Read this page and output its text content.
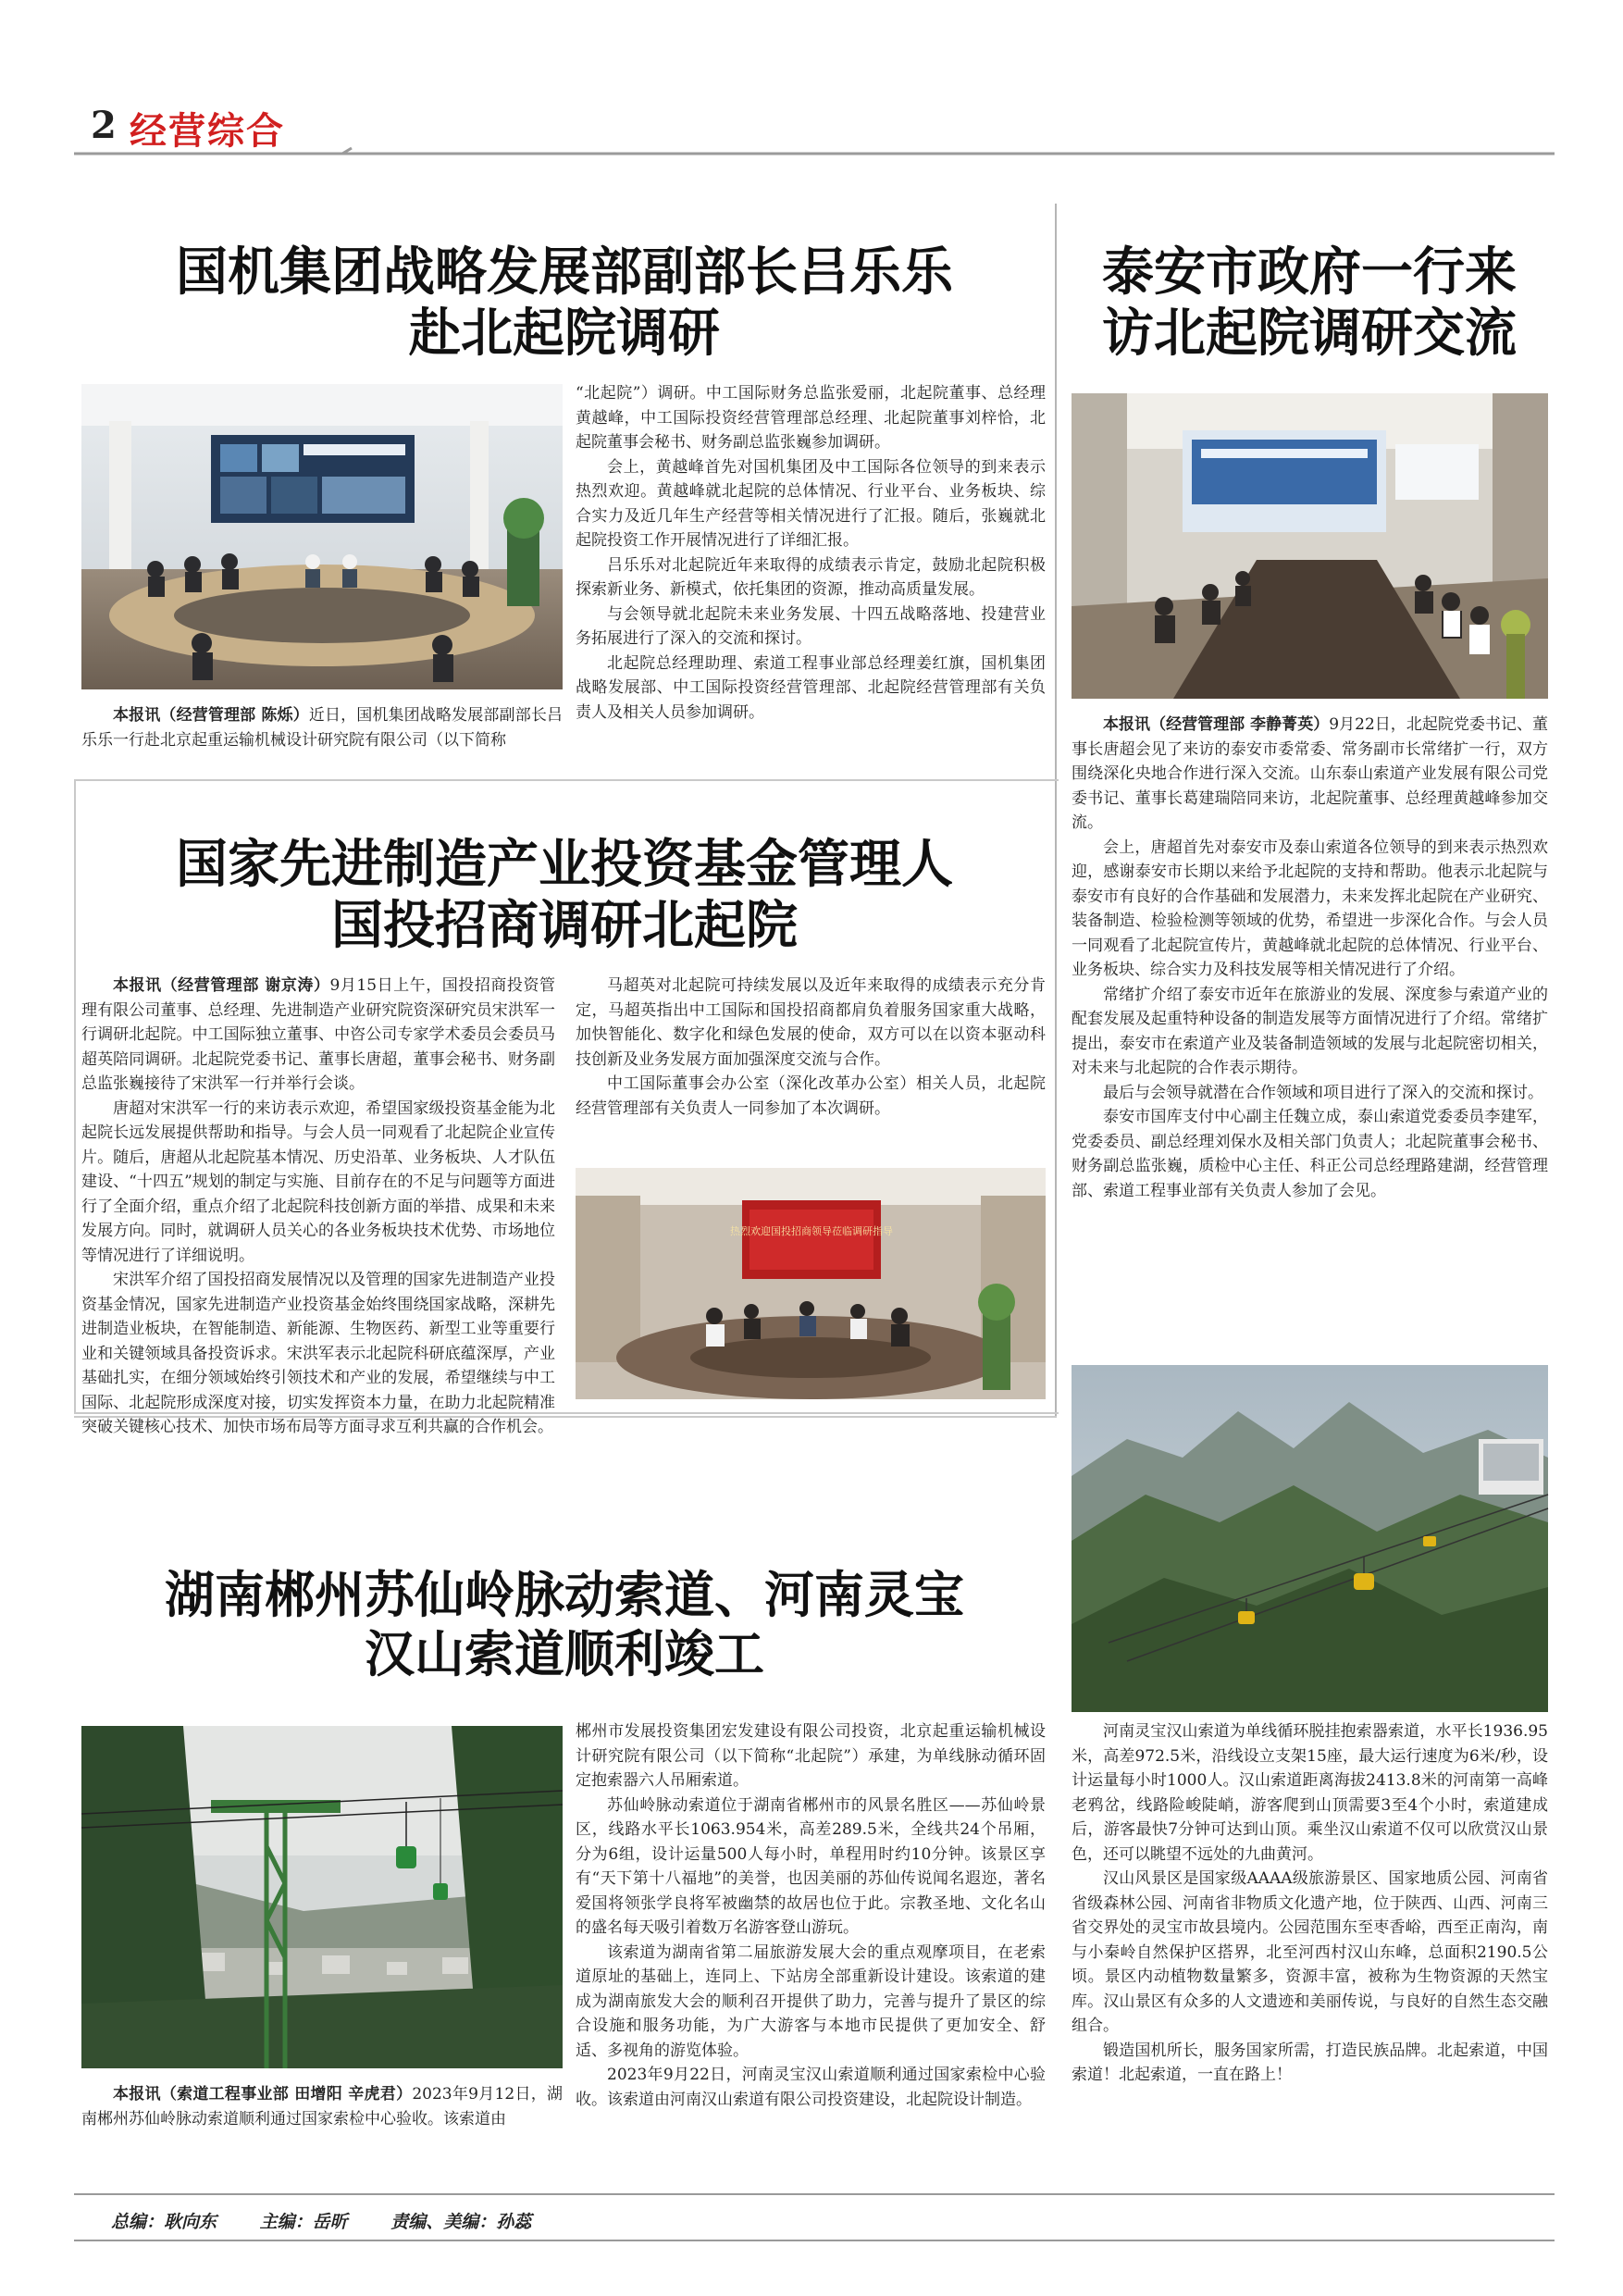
2 经营综合
国机集团战略发展部副部长吕乐乐
赴北起院调研

“北起院”）调研。中工国际财务总监张爱丽，北起院董事、总经理黄越峰，中工国际投资经营管理部总经理、北起院董事刘梓恰，北起院董事会秘书、财务副总监张巍参加调研。

会上，黄越峰首先对国机集团及中工国际各位领导的到来表示热烈欢迎。黄越峰就北起院的总体情况、行业平台、业务板块、综合实力及近几年生产经营等相关情况进行了汇报。随后，张巍就北起院投资工作开展情况进行了详细汇报。

吕乐乐对北起院近年来取得的成绩表示肯定，鼓励北起院积极探索新业务、新模式，依托集团的资源，推动高质量发展。

与会领导就北起院未来业务发展、十四五战略落地、投建营业务拓展进行了深入的交流和探讨。

北起院总经理助理、索道工程事业部总经理姜红旗，国机集团战略发展部、中工国际投资经营管理部、北起院经营管理部有关负责人及相关人员参加调研。

本报讯（经营管理部 陈烁）近日，国机集团战略发展部副部长吕乐乐一行赴北京起重运输机械设计研究院有限公司（以下简称

泰安市政府一行来
访北起院调研交流

本报讯（经营管理部 李静菁英）9月22日，北起院党委书记、董事长唐超会见了来访的泰安市委常委、常务副市长常绪扩一行，双方围绕深化央地合作进行深入交流。山东泰山索道产业发展有限公司党委书记、董事长葛建瑞陪同来访，北起院董事、总经理黄越峰参加交流。

会上，唐超首先对泰安市及泰山索道各位领导的到来表示热烈欢迎，感谢泰安市长期以来给予北起院的支持和帮助。他表示北起院与泰安市有良好的合作基础和发展潜力，未来发挥北起院在产业研究、装备制造、检验检测等领域的优势，希望进一步深化合作。与会人员一同观看了北起院宣传片，黄越峰就北起院的总体情况、行业平台、业务板块、综合实力及科技发展等相关情况进行了介绍。

常绪扩介绍了泰安市近年在旅游业的发展、深度参与索道产业的配套发展及起重特种设备的制造发展等方面情况进行了介绍。常绪扩提出，泰安市在索道产业及装备制造领域的发展与北起院密切相关，对未来与北起院的合作表示期待。

最后与会领导就潜在合作领域和项目进行了深入的交流和探讨。

泰安市国库支付中心副主任魏立成，泰山索道党委委员李建军，党委委员、副总经理刘保水及相关部门负责人；北起院董事会秘书、财务副总监张巍，质检中心主任、科正公司总经理路建湖，经营管理部、索道工程事业部有关负责人参加了会见。

国家先进制造产业投资基金管理人
国投招商调研北起院

本报讯（经营管理部 谢京涛）9月15日上午，国投招商投资管理有限公司董事、总经理、先进制造产业研究院资深研究员宋洪军一行调研北起院。中工国际独立董事、中咨公司专家学术委员会委员马超英陪同调研。北起院党委书记、董事长唐超，董事会秘书、财务副总监张巍接待了宋洪军一行并举行会谈。

唐超对宋洪军一行的来访表示欢迎，希望国家级投资基金能为北起院长远发展提供帮助和指导。与会人员一同观看了北起院企业宣传片。随后，唐超从北起院基本情况、历史沿革、业务板块、人才队伍建设、“十四五”规划的制定与实施、目前存在的不足与问题等方面进行了全面介绍，重点介绍了北起院科技创新方面的举措、成果和未来发展方向。同时，就调研人员关心的各业务板块技术优势、市场地位等情况进行了详细说明。

宋洪军介绍了国投招商发展情况以及管理的国家先进制造产业投资基金情况，国家先进制造产业投资基金始终围绕国家战略，深耕先进制造业板块，在智能制造、新能源、生物医药、新型工业等重要行业和关键领域具备投资诉求。宋洪军表示北起院科研底蕴深厚，产业基础扎实，在细分领域始终引领技术和产业的发展，希望继续与中工国际、北起院形成深度对接，切实发挥资本力量，在助力北起院精准突破关键核心技术、加快市场布局等方面寻求互利共赢的合作机会。

马超英对北起院可持续发展以及近年来取得的成绩表示充分肯定，马超英指出中工国际和国投招商都肩负着服务国家重大战略，加快智能化、数字化和绿色发展的使命，双方可以在以资本驱动科技创新及业务发展方面加强深度交流与合作。

中工国际董事会办公室（深化改革办公室）相关人员，北起院经营管理部有关负责人一同参加了本次调研。

热烈欢迎国投招商领导莅临调研指导
湖南郴州苏仙岭脉动索道、河南灵宝
汉山索道顺利竣工

郴州市发展投资集团宏发建设有限公司投资，北京起重运输机械设计研究院有限公司（以下简称“北起院”）承建，为单线脉动循环固定抱索器六人吊厢索道。

苏仙岭脉动索道位于湖南省郴州市的风景名胜区——苏仙岭景区，线路水平长1063.954米，高差289.5米，全线共24个吊厢，分为6组，设计运量500人每小时，单程用时约10分钟。该景区享有“天下第十八福地”的美誉，也因美丽的苏仙传说闻名遐迩，著名爱国将领张学良将军被幽禁的故居也位于此。宗教圣地、文化名山的盛名每天吸引着数万名游客登山游玩。

该索道为湖南省第二届旅游发展大会的重点观摩项目，在老索道原址的基础上，连同上、下站房全部重新设计建设。该索道的建成为湖南旅发大会的顺利召开提供了助力，完善与提升了景区的综合设施和服务功能，为广大游客与本地市民提供了更加安全、舒适、多视角的游览体验。

2023年9月22日，河南灵宝汉山索道顺利通过国家索检中心验收。该索道由河南汉山索道有限公司投资建设，北起院设计制造。

本报讯（索道工程事业部 田增阳 辛虎君）2023年9月12日，湖南郴州苏仙岭脉动索道顺利通过国家索检中心验收。该索道由

河南灵宝汉山索道为单线循环脱挂抱索器索道，水平长1936.95米，高差972.5米，沿线设立支架15座，最大运行速度为6米/秒，设计运量每小时1000人。汉山索道距离海拔2413.8米的河南第一高峰老鸦岔，线路险峻陡峭，游客爬到山顶需要3至4个小时，索道建成后，游客最快7分钟可达到山顶。乘坐汉山索道不仅可以欣赏汉山景色，还可以眺望不远处的九曲黄河。

汉山风景区是国家级AAAA级旅游景区、国家地质公园、河南省省级森林公园、河南省非物质文化遗产地，位于陕西、山西、河南三省交界处的灵宝市故县境内。公园范围东至枣香峪，西至正南沟，南与小秦岭自然保护区搭界，北至河西村汉山东峰，总面积2190.5公顷。景区内动植物数量繁多，资源丰富，被称为生物资源的天然宝库。汉山景区有众多的人文遗迹和美丽传说，与良好的自然生态交融组合。

锻造国机所长，服务国家所需，打造民族品牌。北起索道，中国索道！北起索道，一直在路上！

总编：耿向东 主编：岳昕 责编、美编：孙蕊
